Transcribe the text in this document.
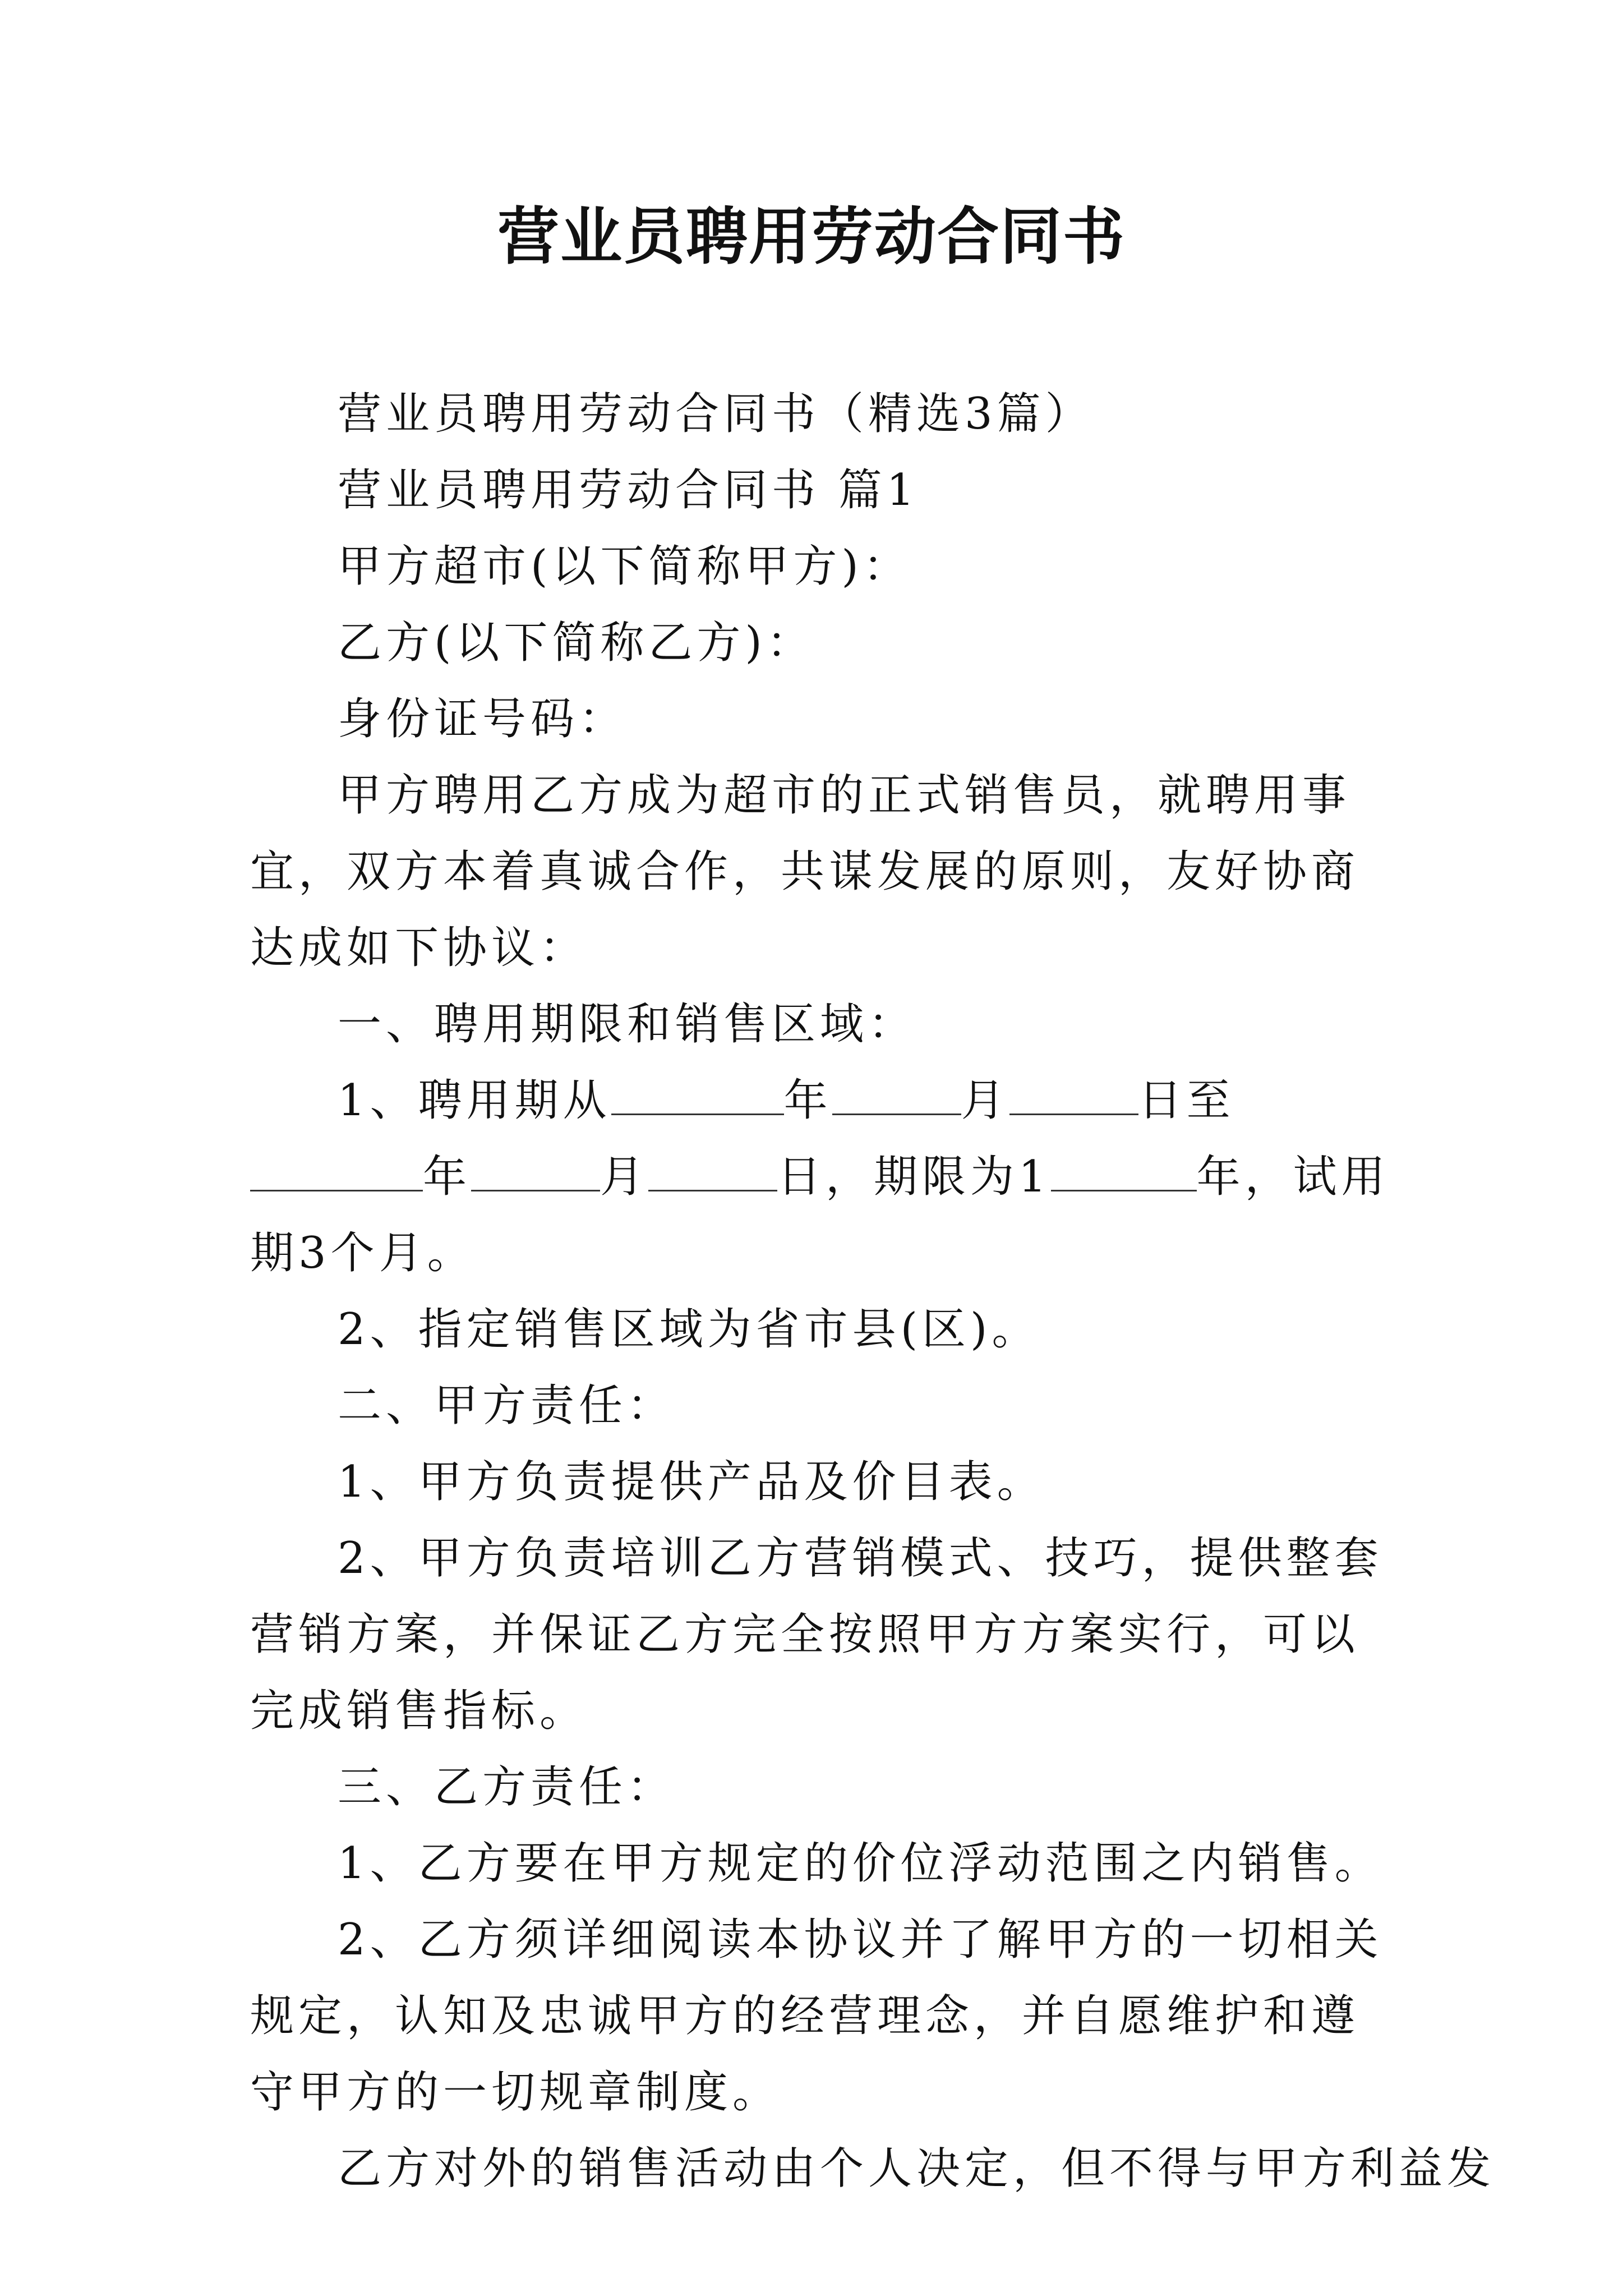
营业员聘用劳动合同书

营业员聘用劳动合同书（精选3篇）

营业员聘用劳动合同书 篇1

甲方超市(以下简称甲方)：

乙方(以下简称乙方)：

身份证号码：

甲方聘用乙方成为超市的正式销售员，就聘用事宜，双方本着真诚合作，共谋发展的原则，友好协商达成如下协议：

一、聘用期限和销售区域：

1、聘用期从	年	月	日至年	月	日，期限为1	年，试用期3个月。

2、指定销售区域为省市县(区)。

二、甲方责任：

1、甲方负责提供产品及价目表。

2、甲方负责培训乙方营销模式、技巧，提供整套营销方案，并保证乙方完全按照甲方方案实行，可以完成销售指标。

三、乙方责任：

1、乙方要在甲方规定的价位浮动范围之内销售。

2、乙方须详细阅读本协议并了解甲方的一切相关规定，认知及忠诚甲方的经营理念，并自愿维护和遵守甲方的一切规章制度。

乙方对外的销售活动由个人决定，但不得与甲方利益发
